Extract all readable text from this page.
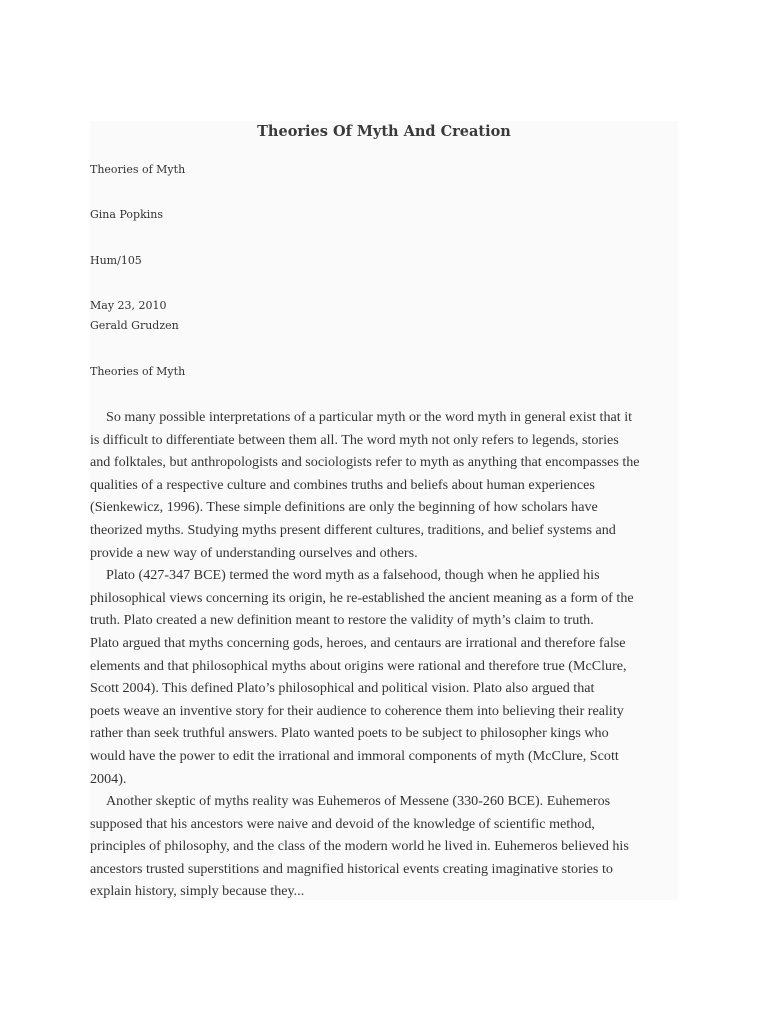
Theories Of Myth And Creation

Theories of Myth

Gina Popkins

Hum/105

May 23, 2010

Gerald Grudzen

Theories of Myth

So many possible interpretations of a particular myth or the word myth in general exist that it
is difficult to differentiate between them all. The word myth not only refers to legends, stories
and folktales, but anthropologists and sociologists refer to myth as anything that encompasses the
qualities of a respective culture and combines truths and beliefs about human experiences
(Sienkewicz, 1996). These simple definitions are only the beginning of how scholars have
theorized myths. Studying myths present different cultures, traditions, and belief systems and
provide a new way of understanding ourselves and others.
Plato (427-347 BCE) termed the word myth as a falsehood, though when he applied his
philosophical views concerning its origin, he re-established the ancient meaning as a form of the
truth. Plato created a new definition meant to restore the validity of myth’s claim to truth.
Plato argued that myths concerning gods, heroes, and centaurs are irrational and therefore false
elements and that philosophical myths about origins were rational and therefore true (McClure,
Scott 2004). This defined Plato’s philosophical and political vision. Plato also argued that
poets weave an inventive story for their audience to coherence them into believing their reality
rather than seek truthful answers. Plato wanted poets to be subject to philosopher kings who
would have the power to edit the irrational and immoral components of myth (McClure, Scott
2004).
Another skeptic of myths reality was Euhemeros of Messene (330-260 BCE). Euhemeros
supposed that his ancestors were naive and devoid of the knowledge of scientific method,
principles of philosophy, and the class of the modern world he lived in. Euhemeros believed his
ancestors trusted superstitions and magnified historical events creating imaginative stories to
explain history, simply because they...
